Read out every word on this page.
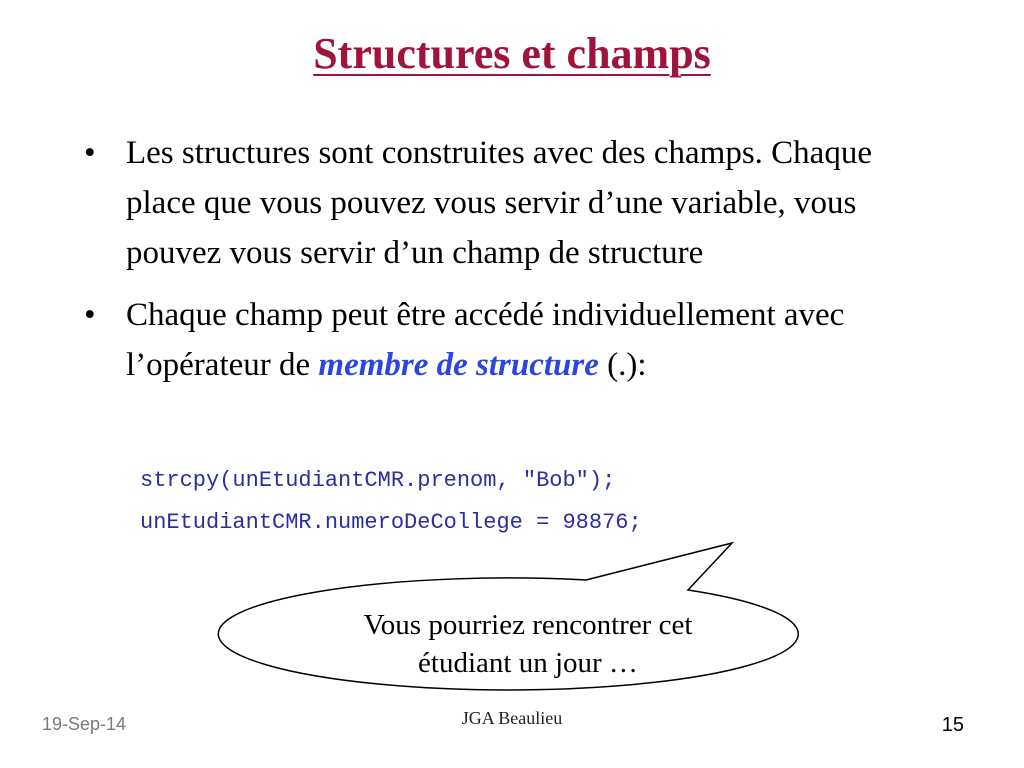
Structures et champs
• Les structures sont construites avec des champs. Chaque place que vous pouvez vous servir d’une variable, vous pouvez vous servir d’un champ de structure
• Chaque champ peut être accédé individuellement avec l’opérateur de membre de structure (.):
strcpy(unEtudiantCMR.prenom, "Bob");
unEtudiantCMR.numeroDeCollege = 98876;
Vous pourriez rencontrer cet
étudiant un jour …
19-Sep-14	JGA Beaulieu	15
